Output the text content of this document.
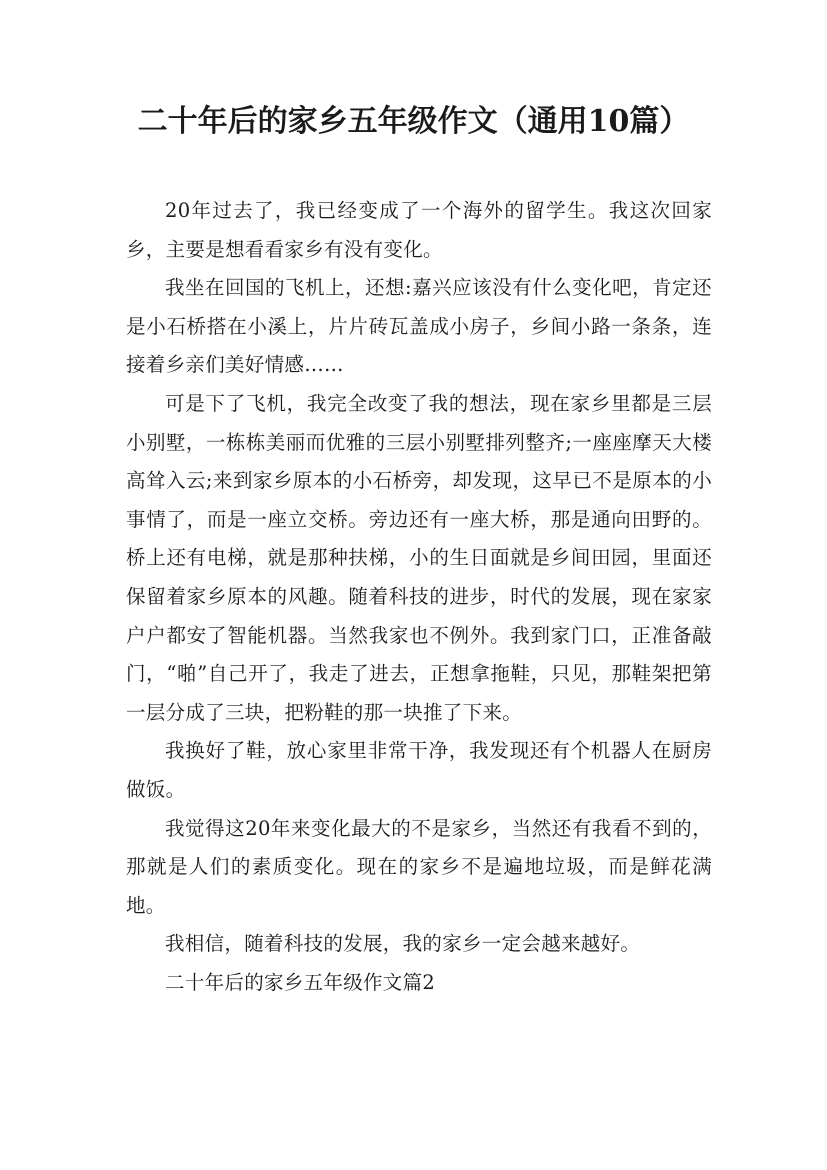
二十年后的家乡五年级作文（通用10篇）

20年过去了，我已经变成了一个海外的留学生。我这次回家乡，主要是想看看家乡有没有变化。

我坐在回国的飞机上，还想:嘉兴应该没有什么变化吧，肯定还是小石桥搭在小溪上，片片砖瓦盖成小房子，乡间小路一条条，连接着乡亲们美好情感……

可是下了飞机，我完全改变了我的想法，现在家乡里都是三层小别墅，一栋栋美丽而优雅的三层小别墅排列整齐;一座座摩天大楼高耸入云;来到家乡原本的小石桥旁，却发现，这早已不是原本的小事情了，而是一座立交桥。旁边还有一座大桥，那是通向田野的。桥上还有电梯，就是那种扶梯，小的生日面就是乡间田园，里面还保留着家乡原本的风趣。随着科技的进步，时代的发展，现在家家户户都安了智能机器。当然我家也不例外。我到家门口，正准备敲门，“啪”自己开了，我走了进去，正想拿拖鞋，只见，那鞋架把第一层分成了三块，把粉鞋的那一块推了下来。

我换好了鞋，放心家里非常干净，我发现还有个机器人在厨房做饭。

我觉得这20年来变化最大的不是家乡，当然还有我看不到的，那就是人们的素质变化。现在的家乡不是遍地垃圾，而是鲜花满地。

我相信，随着科技的发展，我的家乡一定会越来越好。

二十年后的家乡五年级作文篇2
